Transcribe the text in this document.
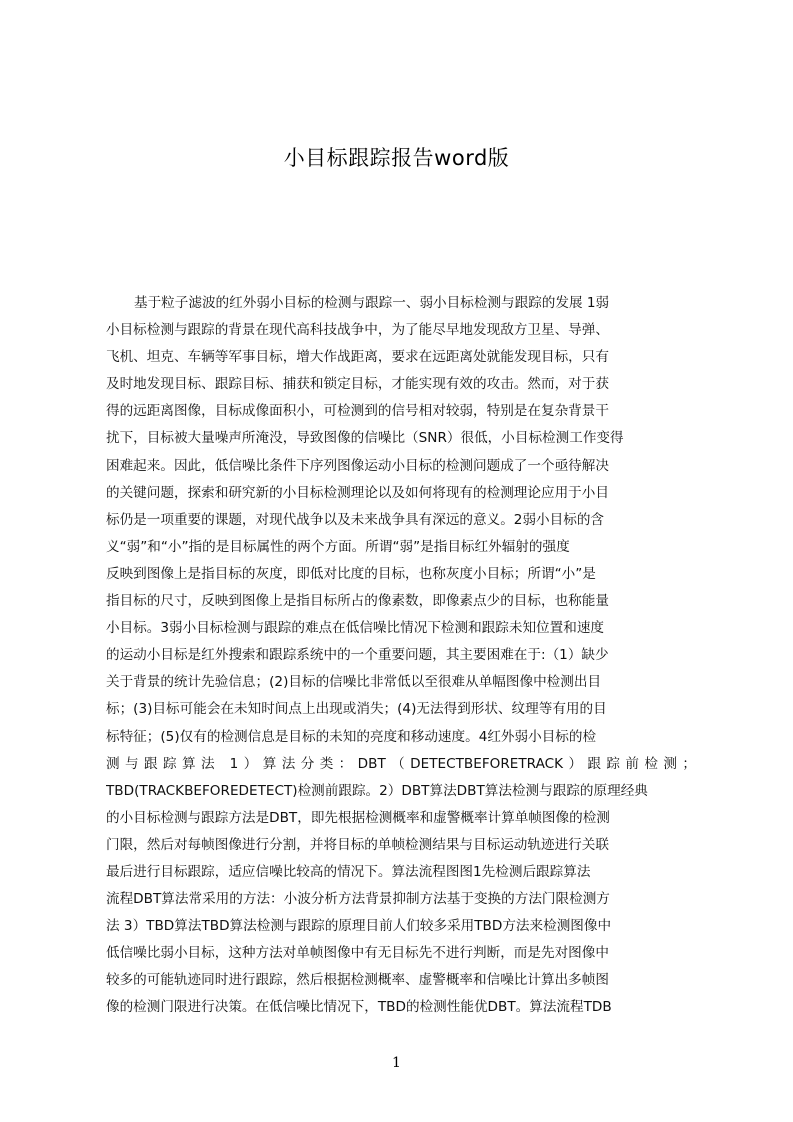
小目标跟踪报告word版
基于粒子滤波的红外弱小目标的检测与跟踪一、弱小目标检测与跟踪的发展 1弱
小目标检测与跟踪的背景在现代高科技战争中，为了能尽早地发现敌方卫星、导弹、
飞机、坦克、车辆等军事目标，增大作战距离，要求在远距离处就能发现目标，只有
及时地发现目标、跟踪目标、捕获和锁定目标，才能实现有效的攻击。然而，对于获
得的远距离图像，目标成像面积小，可检测到的信号相对较弱，特别是在复杂背景干
扰下，目标被大量噪声所淹没，导致图像的信噪比（SNR）很低，小目标检测工作变得
困难起来。因此，低信噪比条件下序列图像运动小目标的检测问题成了一个亟待解决
的关键问题，探索和研究新的小目标检测理论以及如何将现有的检测理论应用于小目
标仍是一项重要的课题，对现代战争以及未来战争具有深远的意义。2弱小目标的含
义“弱”和“小”指的是目标属性的两个方面。所谓“弱”是指目标红外辐射的强度
反映到图像上是指目标的灰度，即低对比度的目标，也称灰度小目标；所谓“小”是
指目标的尺寸，反映到图像上是指目标所占的像素数，即像素点少的目标，也称能量
小目标。3弱小目标检测与跟踪的难点在低信噪比情况下检测和跟踪未知位置和速度
的运动小目标是红外搜索和跟踪系统中的一个重要问题，其主要困难在于:（1）缺少
关于背景的统计先验信息；(2)目标的信噪比非常低以至很难从单幅图像中检测出目
标；(3)目标可能会在未知时间点上出现或消失；(4)无法得到形状、纹理等有用的目
标特征；(5)仅有的检测信息是目标的未知的亮度和移动速度。4红外弱小目标的检
测与跟踪算法 1）算法分类：DBT（DETECTBEFORETRACK）跟踪前检测；
TBD(TRACKBEFOREDETECT)检测前跟踪。2）DBT算法DBT算法检测与跟踪的原理经典
的小目标检测与跟踪方法是DBT，即先根据检测概率和虚警概率计算单帧图像的检测
门限，然后对每帧图像进行分割，并将目标的单帧检测结果与目标运动轨迹进行关联
最后进行目标跟踪，适应信噪比较高的情况下。算法流程图图1先检测后跟踪算法
流程DBT算法常采用的方法：小波分析方法背景抑制方法基于变换的方法门限检测方
法 3）TBD算法TBD算法检测与跟踪的原理目前人们较多采用TBD方法来检测图像中
低信噪比弱小目标，这种方法对单帧图像中有无目标先不进行判断，而是先对图像中
较多的可能轨迹同时进行跟踪，然后根据检测概率、虚警概率和信噪比计算出多帧图
像的检测门限进行决策。在低信噪比情况下，TBD的检测性能优DBT。算法流程TDB
1
